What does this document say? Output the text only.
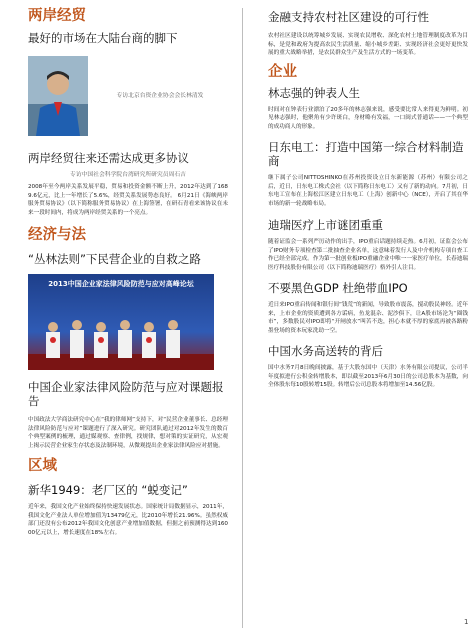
两岸经贸

最好的市场在大陆台商的脚下

专访北京台资企业协会会长林清发

两岸经贸往来还需达成更多协议

专访中国社会科学院台湾研究所研究员周石吉

2008年至今两岸关系发展平稳，贸易和投资金额不断上升，2012年达到了1689.6亿元，比上一年增长了5.6%，经贸关系发展势态良好。 6月21日《海峡两岸服务贸易协议》（以下简称服务贸易协议）在上海签署，在研石青看来该协议在未来一段时间内，将成为两岸经贸关系的一个亮点。

经济与法

“丛林法则”下民营企业的自救之路

2013中国企业家法律风险防范与应对高峰论坛

中国企业家法律风险防范与应对课题报告

中国政法大学商法研究中心在“我的律师网”支持下，对“民营企业董事长、总经理法律风险防范与应对”课题进行了深入研究。研究团队通过对2012年发生的数百个典型案例的梳理，通过媒观察、查律例，找规律，想对策的实证研究，从宏观上揭示民营企业家生存状态及法制环境，从微观提出企业家法律风险应对措施。

区域

新华1949：老厂区的 “蜕变记”

近年来，我国文化产业始终保持快速发展状态。国家统计局数据显示，2011年，我国文化产业法人单位增加值为13479亿元，比2010年增长21.96%。虽然权威部门还没有公布2012年我国文化创意产业增加值数据，但据之前预测得达到16000亿元以上，增长速度在18%左右。

金融支持农村社区建设的可行性

农村社区建设以统筹城乡发展、实现农民增收、深化农村土地管理制度改革为目标，是党和政府为提高农民生活质量、缩小城乡差距、实现经济社会更好更快发展的重大战略举措，是农民群众生产及生活方式的一场变革。

企业

林志强的钟表人生

时间对在钟表行业漂泊了20多年的林志强来说，感受要比常人来得更为鲜明。初见林志强时，他聚角有少许斑白，身材略有发福，一口闽式普通话——一个典型的成功商人的形象。

日东电工：打造中国第一综合材料制造商

继下属子公司NITTOSHINKO在苏州投资设立日东新能源（苏州）有限公司之后，近日，日东电工株式会社（以下简称日东电工）又有了新的动向。7月初，日东电工宣布在上海松江区建立日东电工（上海）创新中心（NCE），开启了其在华市场的新一轮战略布局。

迪瑞医疗上市谜团重重

随着证监会一系列严厉动作的出手，IPO重启话题持续走热。6月初，证监会公布了IPO财务专项检查第二批抽查企业名单，这意味着发行人及中介机构专项自查工作已经全部完成。作为第一批创业板IPO重融企业中唯一一家医疗单位，长春迪瑞医疗科技股份有限公司（以下简称迪瑞医疗）格外引人注目。

不要黑色GDP 杜绝带血IPO

近日来IPO重启传闻和银行间“钱荒”的新闻，导致股市震荡，搅动股民神经。近年来，上市企业的资质遭到各方诟病，鱼龙混杂、泥沙俱下，让A股市场沦为“圈钱市”，多数股民对IPO即将“开闸放水”叫苦不迭，担心本就不厚的家底再被各路粉墨登场的资本玩家洗劫一空。

中国水务高送转的背后

国中水务7月8日晚间披露，基于大股东国中（天津）水务有限公司提议，公司半年度拟进行公积金转增股本，即以截至2013年6月30日的公司总股本为基数，向全体股东每10股转增15股。转增后公司总股本将增加至14.56亿股。

1
